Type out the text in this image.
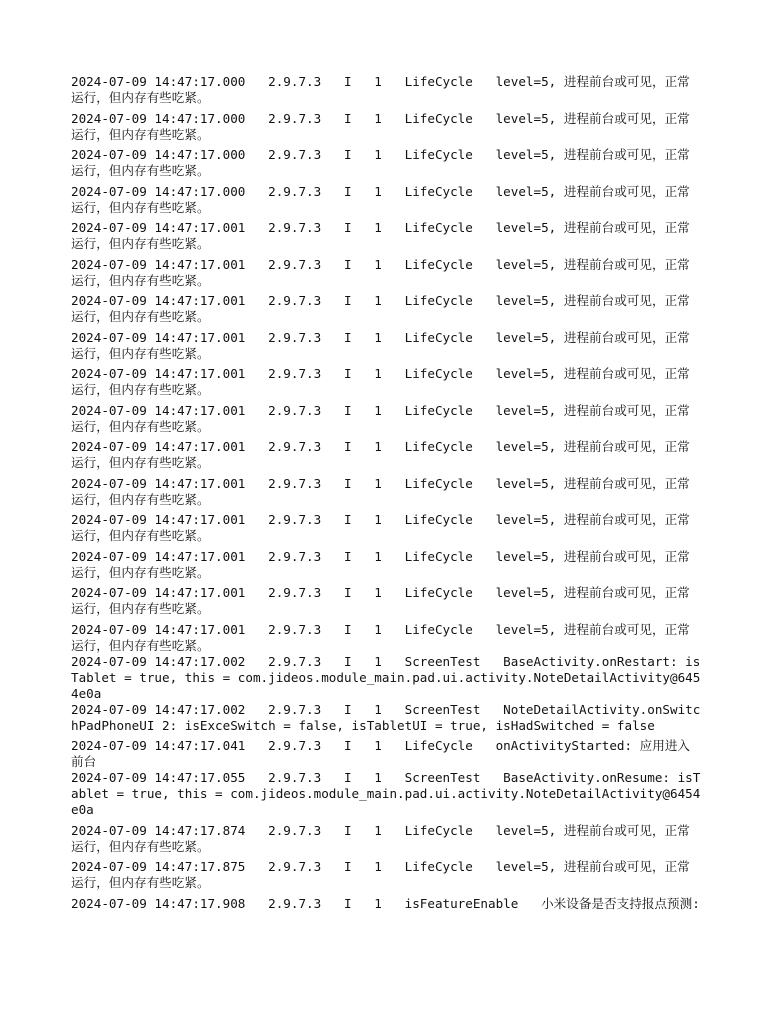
2024-07-09 14:47:17.000   2.9.7.3   I   1   LifeCycle   level=5, 进程前台或可见，正常运行，但内存有些吃紧。
2024-07-09 14:47:17.000   2.9.7.3   I   1   LifeCycle   level=5, 进程前台或可见，正常运行，但内存有些吃紧。
2024-07-09 14:47:17.000   2.9.7.3   I   1   LifeCycle   level=5, 进程前台或可见，正常运行，但内存有些吃紧。
2024-07-09 14:47:17.000   2.9.7.3   I   1   LifeCycle   level=5, 进程前台或可见，正常运行，但内存有些吃紧。
2024-07-09 14:47:17.001   2.9.7.3   I   1   LifeCycle   level=5, 进程前台或可见，正常运行，但内存有些吃紧。
2024-07-09 14:47:17.001   2.9.7.3   I   1   LifeCycle   level=5, 进程前台或可见，正常运行，但内存有些吃紧。
2024-07-09 14:47:17.001   2.9.7.3   I   1   LifeCycle   level=5, 进程前台或可见，正常运行，但内存有些吃紧。
2024-07-09 14:47:17.001   2.9.7.3   I   1   LifeCycle   level=5, 进程前台或可见，正常运行，但内存有些吃紧。
2024-07-09 14:47:17.001   2.9.7.3   I   1   LifeCycle   level=5, 进程前台或可见，正常运行，但内存有些吃紧。
2024-07-09 14:47:17.001   2.9.7.3   I   1   LifeCycle   level=5, 进程前台或可见，正常运行，但内存有些吃紧。
2024-07-09 14:47:17.001   2.9.7.3   I   1   LifeCycle   level=5, 进程前台或可见，正常运行，但内存有些吃紧。
2024-07-09 14:47:17.001   2.9.7.3   I   1   LifeCycle   level=5, 进程前台或可见，正常运行，但内存有些吃紧。
2024-07-09 14:47:17.001   2.9.7.3   I   1   LifeCycle   level=5, 进程前台或可见，正常运行，但内存有些吃紧。
2024-07-09 14:47:17.001   2.9.7.3   I   1   LifeCycle   level=5, 进程前台或可见，正常运行，但内存有些吃紧。
2024-07-09 14:47:17.001   2.9.7.3   I   1   LifeCycle   level=5, 进程前台或可见，正常运行，但内存有些吃紧。
2024-07-09 14:47:17.001   2.9.7.3   I   1   LifeCycle   level=5, 进程前台或可见，正常运行，但内存有些吃紧。
2024-07-09 14:47:17.002   2.9.7.3   I   1   ScreenTest   BaseActivity.onRestart: isTablet = true, this = com.jideos.module_main.pad.ui.activity.NoteDetailActivity@6454e0a
2024-07-09 14:47:17.002   2.9.7.3   I   1   ScreenTest   NoteDetailActivity.onSwitchPadPhoneUI 2: isExceSwitch = false, isTabletUI = true, isHadSwitched = false
2024-07-09 14:47:17.041   2.9.7.3   I   1   LifeCycle   onActivityStarted: 应用进入前台
2024-07-09 14:47:17.055   2.9.7.3   I   1   ScreenTest   BaseActivity.onResume: isTablet = true, this = com.jideos.module_main.pad.ui.activity.NoteDetailActivity@6454e0a
2024-07-09 14:47:17.874   2.9.7.3   I   1   LifeCycle   level=5, 进程前台或可见，正常运行，但内存有些吃紧。
2024-07-09 14:47:17.875   2.9.7.3   I   1   LifeCycle   level=5, 进程前台或可见，正常运行，但内存有些吃紧。
2024-07-09 14:47:17.908   2.9.7.3   I   1   isFeatureEnable   小米设备是否支持报点预测:
